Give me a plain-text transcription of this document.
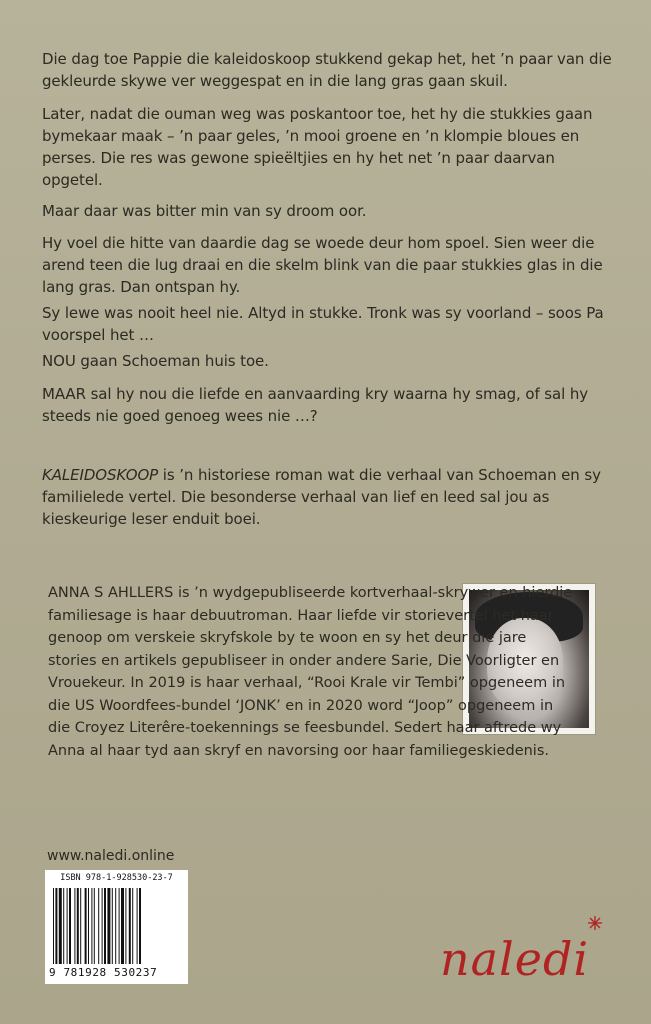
Die dag toe Pappie die kaleidoskoop stukkend gekap het, het ’n paar van die gekleurde skywe ver weggespat en in die lang gras gaan skuil.

Later, nadat die ouman weg was poskantoor toe, het hy die stukkies gaan bymekaar maak – ’n paar geles, ’n mooi groene en ’n klompie bloues en perses. Die res was gewone spieëltjies en hy het net ’n paar daarvan opgetel.

Maar daar was bitter min van sy droom oor.

Hy voel die hitte van daardie dag se woede deur hom spoel. Sien weer die arend teen die lug draai en die skelm blink van die paar stukkies glas in die lang gras. Dan ontspan hy.

Sy lewe was nooit heel nie. Altyd in stukke. Tronk was sy voorland – soos Pa voorspel het …

NOU gaan Schoeman huis toe.

MAAR sal hy nou die liefde en aanvaarding kry waarna hy smag, of sal hy steeds nie goed genoeg wees nie …?

KALEIDOSKOOP is ’n historiese roman wat die verhaal van Schoeman en sy familielede vertel. Die besonderse verhaal van lief en leed sal jou as kieskeurige leser enduit boei.

ANNA S AHLLERS is ’n wydgepubliseerde kortverhaal-skrywer en hierdie familiesage is haar debuutroman. Haar liefde vir storievertel het haar genoop om verskeie skryfskole by te woon en sy het deur die jare stories en artikels gepubliseer in onder andere Sarie, Die Voorligter en Vrouekeur. In 2019 is haar verhaal, “Rooi Krale vir Tembi” opgeneem in die US Woordfees-bundel ‘JONK’ en in 2020 word “Joop” opgeneem in die Croyez Literêre-toekennings se feesbundel. Sedert haar aftrede wy Anna al haar tyd aan skryf en navorsing oor haar familiegeskiedenis.

www.naledi.online
ISBN 978-1-928530-23-7
9 781928 530237	naledi
